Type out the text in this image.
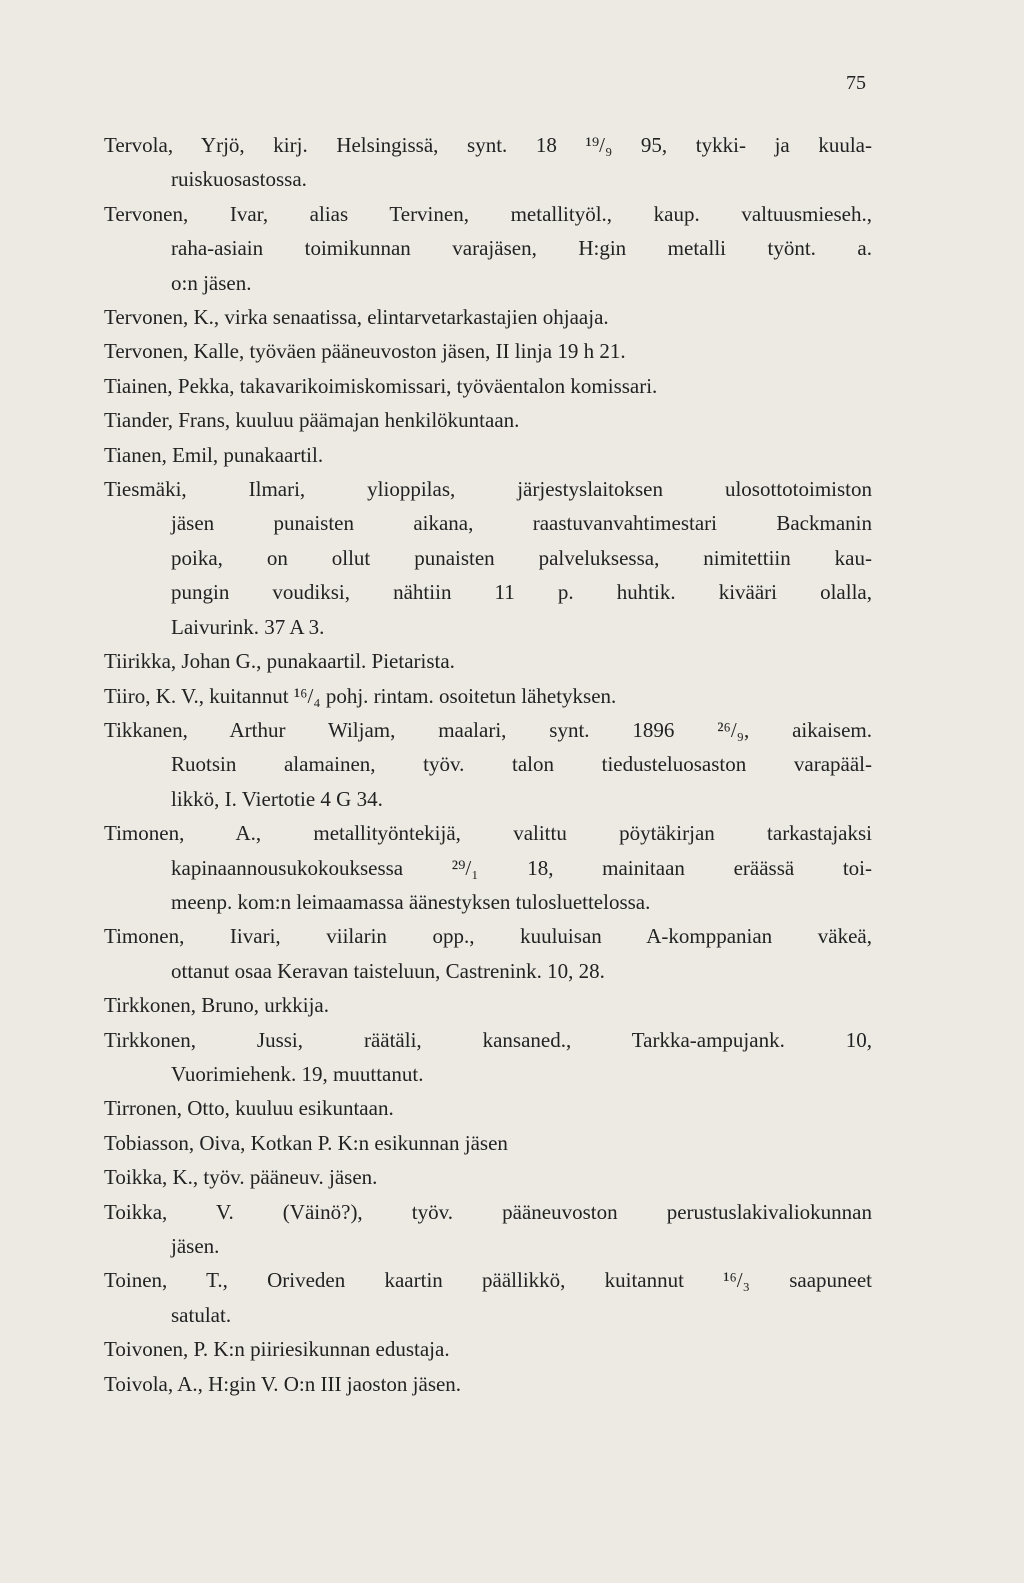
75
Tervola, Yrjö, kirj. Helsingissä, synt. 18 ¹⁹/₉ 95, tykki- ja kuula-
ruiskuosastossa.
Tervonen, Ivar, alias Tervinen, metallityöl., kaup. valtuusmieseh.,
raha-asiain toimikunnan varajäsen, H:gin metalli työnt. a.
o:n jäsen.
Tervonen, K., virka senaatissa, elintarvetarkastajien ohjaaja.
Tervonen, Kalle, työväen pääneuvoston jäsen, II linja 19 h 21.
Tiainen, Pekka, takavarikoimiskomissari, työväentalon komissari.
Tiander, Frans, kuuluu päämajan henkilökuntaan.
Tianen, Emil, punakaartil.
Tiesmäki, Ilmari, ylioppilas, järjestyslaitoksen ulosottotoimiston
jäsen punaisten aikana, raastuvanvahtimestari Backmanin
poika, on ollut punaisten palveluksessa, nimitettiin kau-
pungin voudiksi, nähtiin 11 p. huhtik. kivääri olalla,
Laivurink. 37 A 3.
Tiirikka, Johan G., punakaartil. Pietarista.
Tiiro, K. V., kuitannut ¹⁶/₄ pohj. rintam. osoitetun lähetyksen.
Tikkanen, Arthur Wiljam, maalari, synt. 1896 ²⁶/₉, aikaisem.
Ruotsin alamainen, työv. talon tiedusteluosaston varapääl-
likkö, I. Viertotie 4 G 34.
Timonen, A., metallityöntekijä, valittu pöytäkirjan tarkastajaksi
kapinaannousukokouksessa ²⁹/₁ 18, mainitaan eräässä toi-
meenp. kom:n leimaamassa äänestyksen tulosluettelossa.
Timonen, Iivari, viilarin opp., kuuluisan A-komppanian väkeä,
ottanut osaa Keravan taisteluun, Castrenink. 10, 28.
Tirkkonen, Bruno, urkkija.
Tirkkonen, Jussi, räätäli, kansaned., Tarkka-ampujank. 10,
Vuorimiehenk. 19, muuttanut.
Tirronen, Otto, kuuluu esikuntaan.
Tobiasson, Oiva, Kotkan P. K:n esikunnan jäsen
Toikka, K., työv. pääneuv. jäsen.
Toikka, V. (Väinö?), työv. pääneuvoston perustuslakivaliokunnan
jäsen.
Toinen, T., Oriveden kaartin päällikkö, kuitannut ¹⁶/₃ saapuneet
satulat.
Toivonen, P. K:n piiriesikunnan edustaja.
Toivola, A., H:gin V. O:n III jaoston jäsen.
